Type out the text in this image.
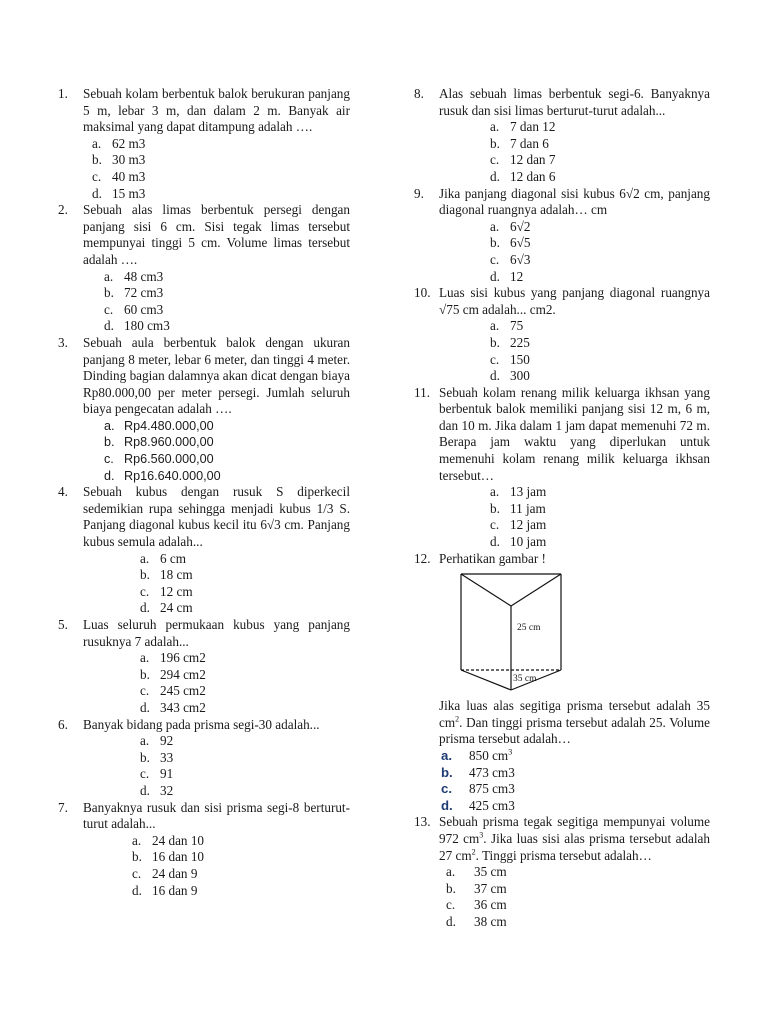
1. Sebuah kolam berbentuk balok berukuran panjang 5 m, lebar 3 m, dan dalam 2 m. Banyak air maksimal yang dapat ditampung adalah ….
a. 62 m3
b. 30 m3
c. 40 m3
d. 15 m3
2. Sebuah alas limas berbentuk persegi dengan panjang sisi 6 cm. Sisi tegak limas tersebut mempunyai tinggi 5 cm. Volume limas tersebut adalah ….
a. 48 cm3
b. 72 cm3
c. 60 cm3
d. 180 cm3
3. Sebuah aula berbentuk balok dengan ukuran panjang 8 meter, lebar 6 meter, dan tinggi 4 meter. Dinding bagian dalamnya akan dicat dengan biaya Rp80.000,00 per meter persegi. Jumlah seluruh biaya pengecatan adalah ….
a. Rp4.480.000,00
b. Rp8.960.000,00
c. Rp6.560.000,00
d. Rp16.640.000,00
4. Sebuah kubus dengan rusuk S diperkecil sedemikian rupa sehingga menjadi kubus 1/3 S. Panjang diagonal kubus kecil itu 6√3 cm. Panjang kubus semula adalah...
a. 6 cm
b. 18 cm
c. 12 cm
d. 24 cm
5. Luas seluruh permukaan kubus yang panjang rusuknya 7 adalah...
a. 196 cm2
b. 294 cm2
c. 245 cm2
d. 343 cm2
6. Banyak bidang pada prisma segi-30 adalah...
a. 92
b. 33
c. 91
d. 32
7. Banyaknya rusuk dan sisi prisma segi-8 berturut-turut adalah...
a. 24 dan 10
b. 16 dan 10
c. 24 dan 9
d. 16 dan 9
8. Alas sebuah limas berbentuk segi-6. Banyaknya rusuk dan sisi limas berturut-turut adalah...
a. 7 dan 12
b. 7 dan 6
c. 12 dan 7
d. 12 dan 6
9. Jika panjang diagonal sisi kubus 6√2 cm, panjang diagonal ruangnya adalah… cm
a. 6√2
b. 6√5
c. 6√3
d. 12
10. Luas sisi kubus yang panjang diagonal ruangnya √75 cm adalah... cm2.
a. 75
b. 225
c. 150
d. 300
11. Sebuah kolam renang milik keluarga ikhsan yang berbentuk balok memiliki panjang sisi 12 m, 6 m, dan 10 m. Jika dalam 1 jam dapat memenuhi 72 m. Berapa jam waktu yang diperlukan untuk memenuhi kolam renang milik keluarga ikhsan tersebut…
a. 13 jam
b. 11 jam
c. 12 jam
d. 10 jam
12. Perhatikan gambar !
25 cm
35 cm
Jika luas alas segitiga prisma tersebut adalah 35 $cm^2$. Dan tinggi prisma tersebut adalah 25. Volume prisma tersebut adalah…
a. 850 $cm^3$
b. 473 cm3
c. 875 cm3
d. 425 cm3
13. Sebuah prisma tegak segitiga mempunyai volume 972 $cm^3$. Jika luas sisi alas prisma tersebut adalah 27 $cm^2$. Tinggi prisma tersebut adalah…
a. 35 cm
b. 37 cm
c. 36 cm
d. 38 cm
